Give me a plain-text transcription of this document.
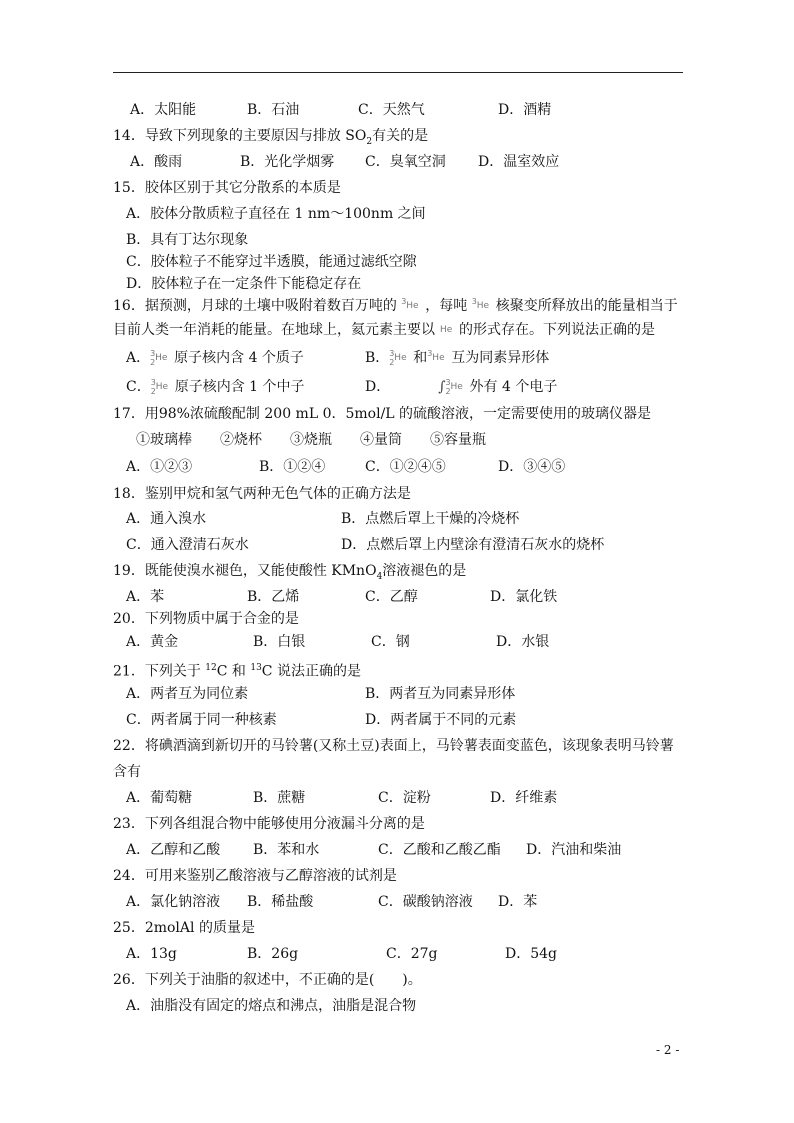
A．太阳能	B．石油	C．天然气	D．酒精
14．导致下列现象的主要原因与排放 $SO_2$有关的是
A．酸雨	B．光化学烟雾 C．臭氧空洞 D．温室效应
15．胶体区别于其它分散系的本质是
A．胶体分散质粒子直径在 1 nm～100nm 之间
B．具有丁达尔现象
C．胶体粒子不能穿过半透膜，能通过滤纸空隙
D．胶体粒子在一定条件下能稳定存在
16．据预测，月球的土壤中吸附着数百万吨的 3 He ，每吨 3 He 核聚变所释放出的能量相当于
目前人类一年消耗的能量。在地球上，氦元素主要以 He 的形式存在。下列说法正确的是
A． 3
2 He 原子核内含 4 个质子	B． 3
2 He 和 3 He 互为同素异形体
C． 3
2 He 原子核内含 1 个中子	D．	∫ 3
2 He 外有 4 个电子
17．用98%浓硫酸配制 200 mL 0．5mol/L 的硫酸溶液，一定需要使用的玻璃仪器是
①玻璃棒　　②烧杯　　③烧瓶　　④量筒　　⑤容量瓶
A．①②③	B．①②④	C．①②④⑤	D．③④⑤
18．鉴别甲烷和氢气两种无色气体的正确方法是
A．通入溴水	B．点燃后罩上干燥的冷烧杯
C．通入澄清石灰水	D．点燃后罩上内壁涂有澄清石灰水的烧杯
19．既能使溴水褪色，又能使酸性 KMnO$_4$溶液褪色的是
A．苯	B．乙烯	C．乙醇	D．氯化铁
20．下列物质中属于合金的是
A．黄金	B．白银	C．钢	D．水银
21．下列关于 $^{12}$C 和 $^{13}$C 说法正确的是
A．两者互为同位素	B．两者互为同素异形体
C．两者属于同一种核素	D．两者属于不同的元素
22．将碘酒滴到新切开的马铃薯(又称土豆)表面上，马铃薯表面变蓝色，该现象表明马铃薯
含有
A．葡萄糖	B．蔗糖	C．淀粉	D．纤维素
23．下列各组混合物中能够使用分液漏斗分离的是
A．乙醇和乙酸 B．苯和水	C．乙酸和乙酸乙酯 D．汽油和柴油
24．可用来鉴别乙酸溶液与乙醇溶液的试剂是
A．氯化钠溶液 B．稀盐酸	C．碳酸钠溶液 D．苯
25．2molAl 的质量是
A．13g	B．26g	C．27g	D．54g
26．下列关于油脂的叙述中，不正确的是(　　)。
A．油脂没有固定的熔点和沸点，油脂是混合物
- 2 -
